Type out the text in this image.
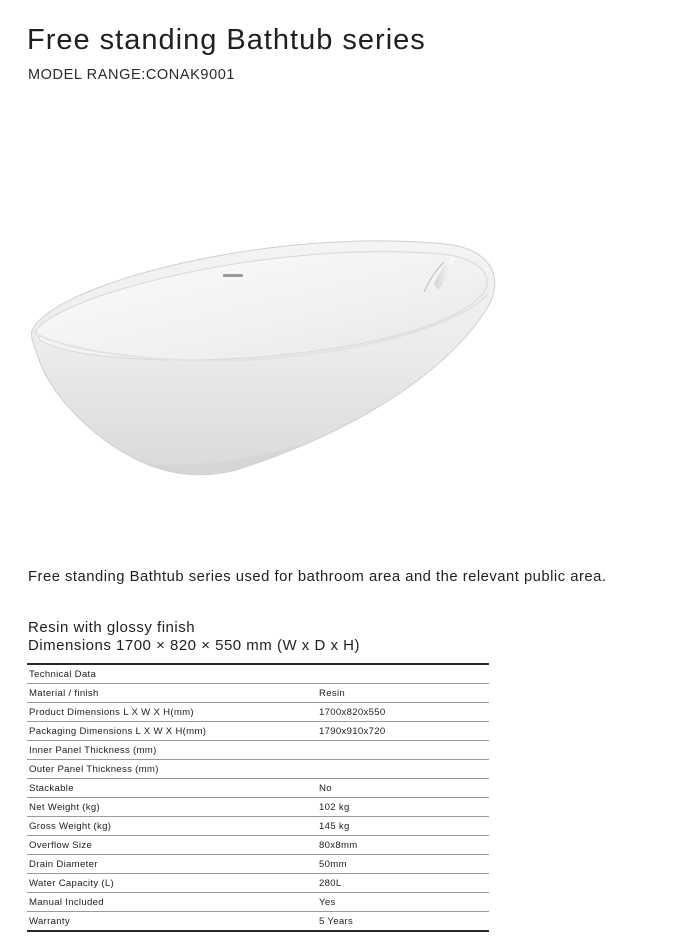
Free standing Bathtub series
MODEL RANGE:CONAK9001
Free standing Bathtub series used for bathroom area and the relevant public area.
Resin with glossy finish
Dimensions 1700 × 820 × 550 mm (W x D x H)
Technical Data	
Material / finish	Resin
Product Dimensions L X W X H(mm)	1700x820x550
Packaging Dimensions L X W X H(mm)	1790x910x720
Inner Panel Thickness (mm)	
Outer Panel Thickness (mm)	
Stackable	No
Net Weight (kg)	102 kg
Gross Weight (kg)	145 kg
Overflow Size	80x8mm
Drain Diameter	50mm
Water Capacity (L)	280L
Manual Included	Yes
Warranty	5 Years
